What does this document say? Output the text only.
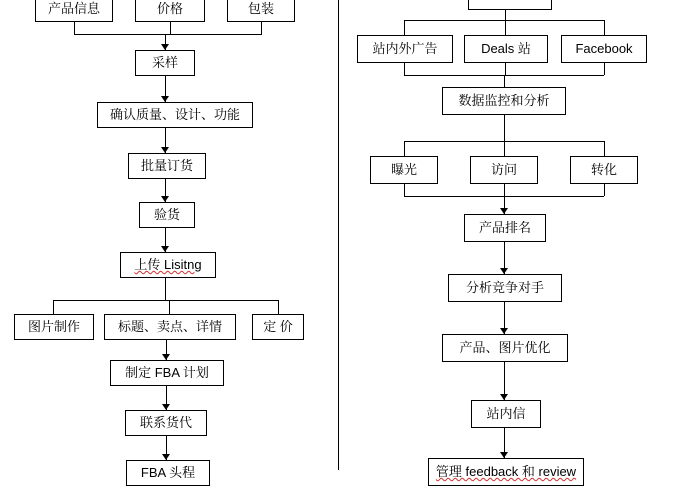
产品信息	价格	包装
采样
确认质量、设计、功能
批量订货
验货
上传 Lisitng
图片制作	标题、卖点、详情	定 价
制定 FBA 计划
联系货代
FBA 头程
站内外广告	Deals 站	Facebook
数据监控和分析
曝光	访问	转化
产品排名
分析竞争对手
产品、图片优化
站内信
管理 feedback 和 review
